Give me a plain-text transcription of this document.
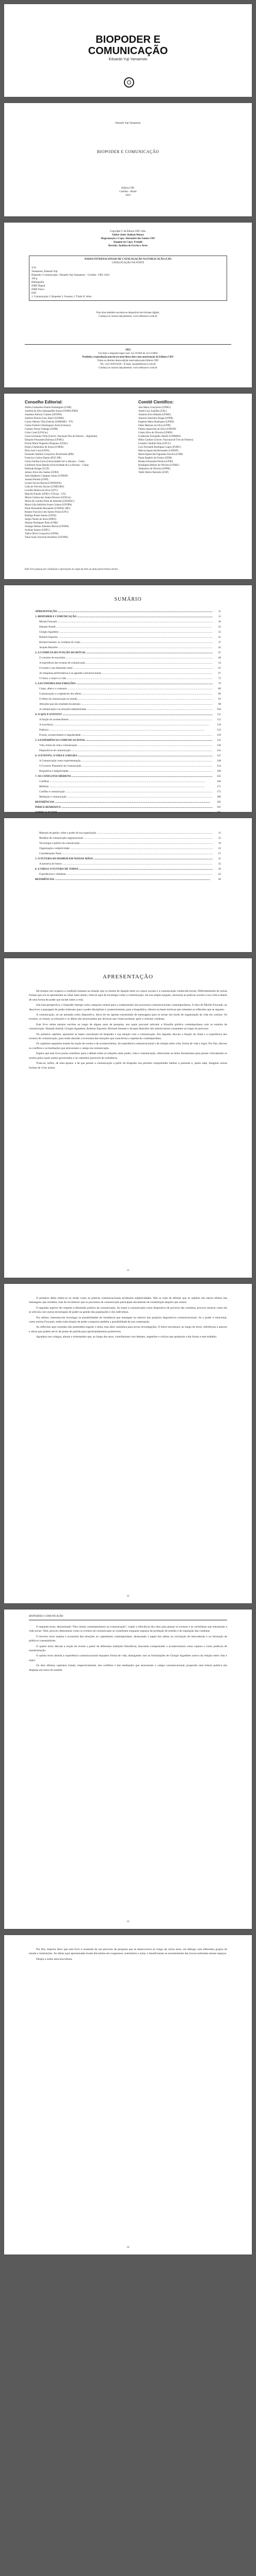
BIOPODER E
COMUNICAÇÃO
Eduardo Yuji Yamamoto
Eduardo Yuji Yamamoto
BIOPODER E COMUNICAÇÃO
Editora CRV
Curitiba – Brasil
2022
Copyright © da Editora CRV Ltda.
Editor-chefe: Railson Moura
Diagramação e Capa: Alexandre dos Santos CRV
Imagem da Capa: Freepik
Revisão: Analista de Escrita e Artes
DADOS INTERNACIONAIS DE CATALOGAÇÃO NA PUBLICAÇÃO (CIP)
CATALOGAÇÃO NA FONTE
Y19
Yamamoto, Eduardo Yuji
Biopoder e Comunicação / Eduardo Yuji Yamamoto – Curitiba : CRV, 2022.
196 p.
Bibliografia
ISBN Digital
ISBN Físico
DOI
1. Comunicação 2. Biopoder 3. Eventos. I. Título II. Série.
Esta obra também encontra-se disponível em formato digital.
Conheça os nossos lançamentos: www.editoracrv.com.br
2022
Foi feito o depósito legal conf. Lei 10.994 de 14/12/2004
Proibida a reprodução parcial ou total desta obra sem autorização da Editora CRV
Todos os direitos desta edição reservados pela Editora CRV
Tel.: (41) 3039-6418 - E-mail: sac@editoracrv.com.br
Conheça os nossos lançamentos: www.editoracrv.com.br
Conselho Editorial:
Aldira Guimarães Duarte Domínguez (UNB)
Andréia da Silva Quintanilha Sousa (UNIR/UFRN)
Anselmo Alencar Colares (UFOPA)
Antônio Pereira Gaio Júnior (UFRRJ)
Carlos Alberto Vilar Estêvão (UMINHO – PT)
Carlos Federico Dominguez Avila (Unieuro)
Carmen Tereza Velanga (UNIR)
Celso Conti (UFSCar)
Cesar Gerónimo Tello (Univer. Nacional Três de Febrero – Argentina)
Eduardo Fernandes Barbosa (UFMG)
Elione Maria Nogueira Diogenes (UFAL)
Elizeu Clementino de Souza (UNEB)
Élsio José Corá (UFFS)
Fernando Antônio Gonçalves Alcoforado (IPB)
Francisco Carlos Duarte (PUC-PR)
Gloria Fariñas León (Universidade de La Havana – Cuba)
Guillermo Arias Beatón (Universidade de La Havana – Cuba)
Helmuth Krüger (UCP)
Jailson Alves dos Santos (UFRJ)
João Adalberto Campato Junior (UNESP)
Josania Portela (UFPI)
Leonel Severo Rocha (UNISINOS)
Lídia de Oliveira Xavier (UNIEURO)
Lourdes Helena da Silva (UFV)
Marcelo Paixão (UFRJ e UTexas – US)
Maria Cristina dos Santos Bezerra (UFSCar)
Maria de Lourdes Pinto de Almeida (UNOESC)
Maria Lília Imbiriba Sousa Colares (UFOPA)
Paulo Romualdo Hernandes (UNIFAL-MG)
Renato Francisco dos Santos Paula (UFG)
Rodrigo Pratte-Santos (UFES)
Sérgio Nunes de Jesus (IFRO)
Simone Rodrigues Pinto (UNB)
Solange Helena Ximenes-Rocha (UFOPA)
Sydione Santos (UEPG)
Tadeu Oliver Gonçalves (UFPA)
Tania Suely Azevedo Brasileiro (UFOPA)
Comitê Científico:
Ana Maria Gonçalves (UFMG)
André Luiz Joanilho (UEL)
Andreia Silva Abbade (UFMG)
Antonio Saturnino Braga (UFPR)
Eugénia Maria Rodrigues (UFRN)
Fábio Mariano da Silva (UFPI)
Fátima Aparecida da Silva (UNESP)
Gisele Silva de Oliveira (UERN)
Guilherme Fernandes Adolfo (UNIMES)
Hélio Cardoso (Univer. Nacional de Tres de Febrero)
Leandra Cândido Dias (UFCG)
Luiz Fernando Rodrigues Lopes (FURG)
Márcia Aparecida Bernardes (UNESP)
Maria Aparecida Fagundes Ferreira (UNB)
Paulo Rogério de Freitas (UEM)
Renata Fernandes Pereira (UFRJ)
Rosângela Heisler de Oliveira (UFMG)
Valdomiro de Oliveira (UFPR)
Valdir Heitor Barzotto (USP)
Este livro passou por avaliação e aprovação às cegas de dois ou mais pareceristas ad hoc.
SUMÁRIO
APRESENTAÇÃO .....	11
1. BIOPODER E COMUNICAÇÃO .....	15
Michel Foucault .....	16
Hannah Arendt .....	23
Giorgio Agamben .....	25
Roberto Esposito .....	31
Richard Sennett: as condutas do corpo .....	37
Jacques Rancière .....	42
2. A CONDUTA DO FUNÇÃO DO RITUAL .....	47
O conceito de eucaristia .....	48
A experiência dos eventos de comunicação .....	54
O evento e sua dimensão ritual .....	61
As máquinas performáticas e as agendas comunicacionais .....	67
O ritual, o corpo e a vida .....	72
3. A ECONOMIA DAS EMOÇÕES .....	79
Corpo, afeto e o consumo .....	80
Comunicação e o espetáculo dos afetos .....	86
O efeito da comunicação no mundo .....	93
Afecções que são resultado da atenção .....	98
A comunicação e as emoções administradas .....	104
4. O QUE É EVENTO? .....	111
A função do acontecimento .....	112
A ocorrência .....	118
Potência .....	123
Evento, acontecimento e singularidade .....	129
5. A EXPERIÊNCIA COMUNICACIONAL .....	135
Vida, forma de vida e comunicação .....	136
Dispositivos de comunicação .....	141
6. O EVENTO, A VIDA E A REGRA .....	147
A Comunicação como experimentação .....	148
O Governo Planetário da Comunicação .....	154
Biopolítica e Subjetividade .....	160
7. OS CONFLITOS MÉDIUNS .....	165
Conflitos .....	166
Médiuns .....	171
Conflito e comunicação .....	175
Mediação e comunicação .....	180
REFERÊNCIAS .....	185
ÍNDICE REMISSIVO .....	191
SOBRE O AUTOR .....	195
Manuais de gestão: sobre o poder de sua organização .....	11
Modelos de comunicação organizacional .....	15
Tecnologia e política da comunicação .....	19
Organização e subjetividade .....	23
Considerações finais .....	27
5. O FUTURO DO HOMEM EM NOSSAS MÃOS .....	31
A narrativa do futuro .....	32
6. A VIDA E O FUTURO DE TODOS .....	39
Experiências e cidadania .....	43
REFERÊNCIAS .....	49
APRESENTAÇÃO

Há tempos me ocupava a condição humana na relação que os modos de ligação entre os corpos sociais e a comunicação conhecida tecem. Diferentemente de outras formas que ora se apresentam ao olhar mais atento, trata-se aqui de investigar como a comunicação, em sua ampla acepção, atravessa as práticas sociais e nos coloca diante de uma forma de poder que incide sobre a vida.

Sob esta perspectiva, o biopoder emerge como categoria central para a compreensão dos processos comunicacionais contemporâneos. A obra de Michel Foucault, ao descrever a passagem do poder soberano para o poder disciplinar e, posteriormente, para a biopolítica, oferece as bases teóricas que orientam as reflexões que se seguem.

A comunicação, ao ser pensada como dispositivo, deixa de ser apenas transmissão de mensagens para se tornar um modo de organização da vida em comum. Os eventos, os rituais, as emoções e os afetos são atravessados por técnicas que visam produzir, gerir e orientar condutas.

Este livro reúne ensaios escritos ao longo de alguns anos de pesquisa, nos quais procurei articular a filosofia política contemporânea com os estudos de comunicação. Hannah Arendt, Giorgio Agamben, Roberto Esposito, Richard Sennett e Jacques Rancière são interlocutores constantes ao longo do percurso.

No primeiro capítulo, apresento as bases conceituais do biopoder e sua relação com a comunicação. Em seguida, discuto a função do ritual e a experiência dos eventos de comunicação, para então abordar a economia das emoções que caracteriza o espetáculo contemporâneo.

Os capítulos seguintes tratam da noção de evento e de acontecimento, da experiência comunicacional e da relação entre vida, forma de vida e regra. Por fim, discuto os conflitos e as mediações que atravessam o campo da comunicação.

Espero que este livro possa contribuir para o debate sobre as relações entre poder, vida e comunicação, oferecendo ao leitor ferramentas para pensar criticamente os modos pelos quais somos governados e os caminhos possíveis de resistência.

Trata-se, enfim, de uma aposta: a de que pensar a comunicação a partir do biopoder nos permite compreender melhor o presente e, quem sabe, imaginar outras formas de viver juntos.

11

O primeiro deles refere-se ao modo como as práticas comunicacionais produzem subjetividades. Não se trata de afirmar que os sujeitos são meros efeitos das mensagens que recebem, mas de reconhecer que os processos de comunicação participam ativamente da constituição daquilo que somos.

O segundo aspecto diz respeito à dimensão política da comunicação. Ao tratar a comunicação como dispositivo de governo das condutas, procuro mostrar como ela se articula com outras tecnologias de poder na gestão das populações e dos indivíduos.

Por último, interessa-me investigar as possibilidades de resistência que emergem no interior dos próprios dispositivos comunicacionais. Se o poder é relacional, como ensina Foucault, então toda relação de poder comporta também a possibilidade de sua contestação.

As reflexões aqui reunidas não pretendem esgotar o tema, mas abrir caminhos para novas investigações. O leitor encontrará, ao longo do texto, referências a autores e obras que podem servir de ponto de partida para aprofundamentos posteriores.

Agradeço aos colegas, alunos e orientandos que, ao longo dos anos, contribuíram com debates, sugestões e críticas que ajudaram a dar forma a este trabalho.

12
BIOPODER E COMUNICAÇÃO

O segundo texto, denominado “Dos rituais contemporâneos na comunicação”, expõe a relevância dos ritos para pensar os eventos e as cerimônias que estruturam a vida social. Nele, procuro demonstrar como os eventos de comunicação se constituem enquanto espaços de produção de sentido e de regulação das condutas.

O terceiro texto analisa a economia das emoções no capitalismo contemporâneo, destacando o papel dos afetos na circulação de mercadorias e na formação de públicos consumidores.

O quarto texto discute a noção de evento a partir de diferentes tradições filosóficas, buscando compreender o acontecimento como ruptura e como potência de transformação.

O quinto texto aborda a experiência comunicacional enquanto forma de vida, dialogando com as formulações de Giorgio Agamben acerca da relação entre vida e regra.

Os dois últimos capítulos tratam, respectivamente, dos conflitos e das mediações que atravessam o campo comunicacional, propondo uma leitura política das disputas em torno do sentido.

13

Por fim, importa dizer que este livro é resultado de um percurso de pesquisa que se desenvolveu ao longo de vários anos, em diálogo com diferentes grupos de estudo e instituições. As ideias aqui apresentadas foram discutidas em congressos, seminários e aulas, e beneficiaram-se enormemente das trocas realizadas nesses espaços.

Desejo a todos uma boa leitura.

14
